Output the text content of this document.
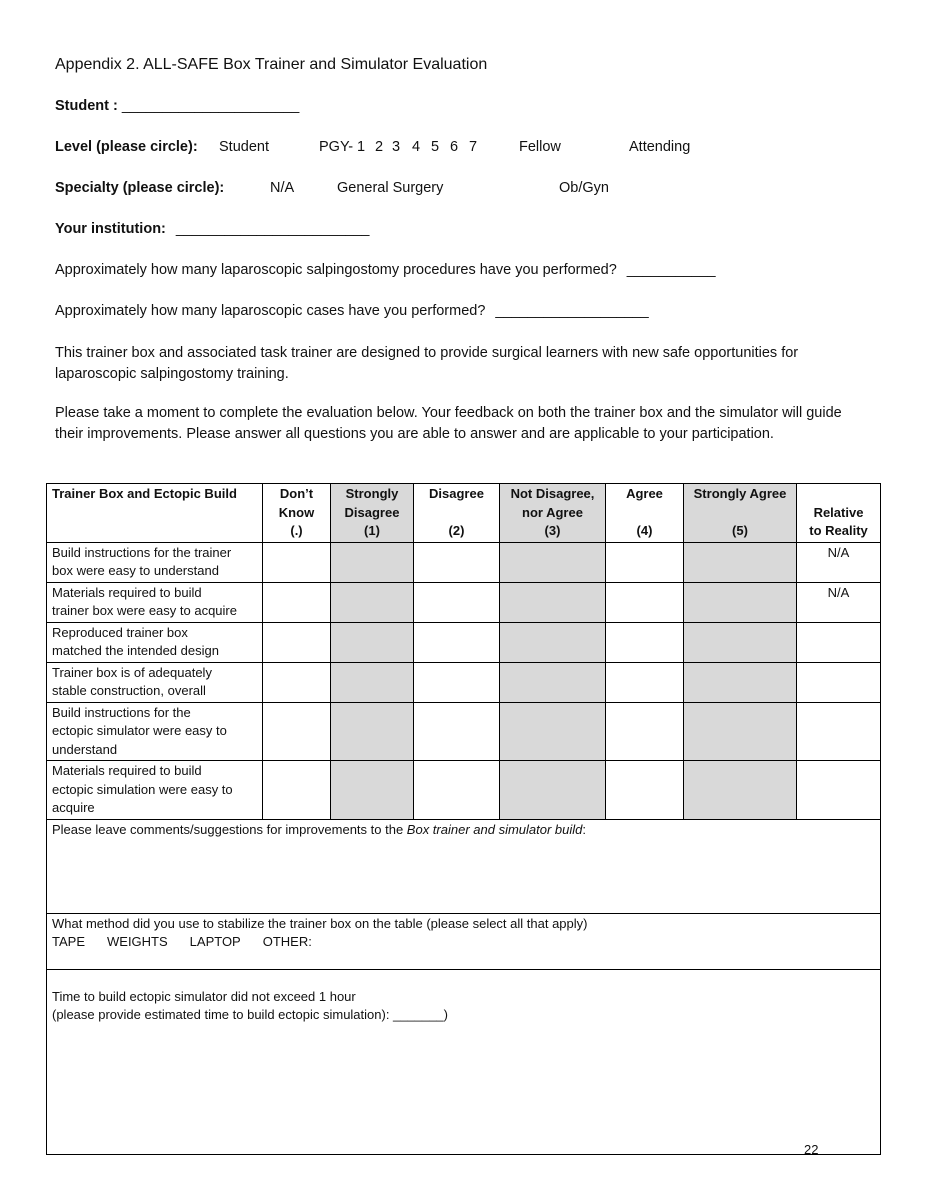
Appendix 2. ALL-SAFE Box Trainer and Simulator Evaluation
Student : ______________________
Level (please circle): Student	PGY- 1 2 3 4 5 6 7	Fellow	Attending
Specialty (please circle):	N/A	General Surgery	Ob/Gyn
Your institution: ________________________
Approximately how many laparoscopic salpingostomy procedures have you performed? ___________
Approximately how many laparoscopic cases have you performed? ___________________
This trainer box and associated task trainer are designed to provide surgical learners with new safe opportunities for laparoscopic salpingostomy training.
Please take a moment to complete the evaluation below. Your feedback on both the trainer box and the simulator will guide their improvements. Please answer all questions you are able to answer and are applicable to your participation.
Trainer Box and Ectopic Build	Don’t
Know
(.)	Strongly
Disagree
(1)	Disagree
(2)	Not Disagree,
nor Agree
(3)	Agree
(4)	Strongly Agree
(5)	Relative
to Reality

Build instructions for the trainer
box were easy to understand							N/A

Materials required to build
trainer box were easy to acquire							N/A

Reproduced trainer box
matched the intended design							

Trainer box is of adequately
stable construction, overall							

Build instructions for the
ectopic simulator were easy to
understand							

Materials required to build
ectopic simulation were easy to
acquire							

Please leave comments/suggestions for improvements to the Box trainer and simulator build:							

What method did you use to stabilize the trainer box on the table (please select all that apply)
TAPE WEIGHTS LAPTOP OTHER:							

Time to build ectopic simulator did not exceed 1 hour
(please provide estimated time to build ectopic simulation): _______)							
22
